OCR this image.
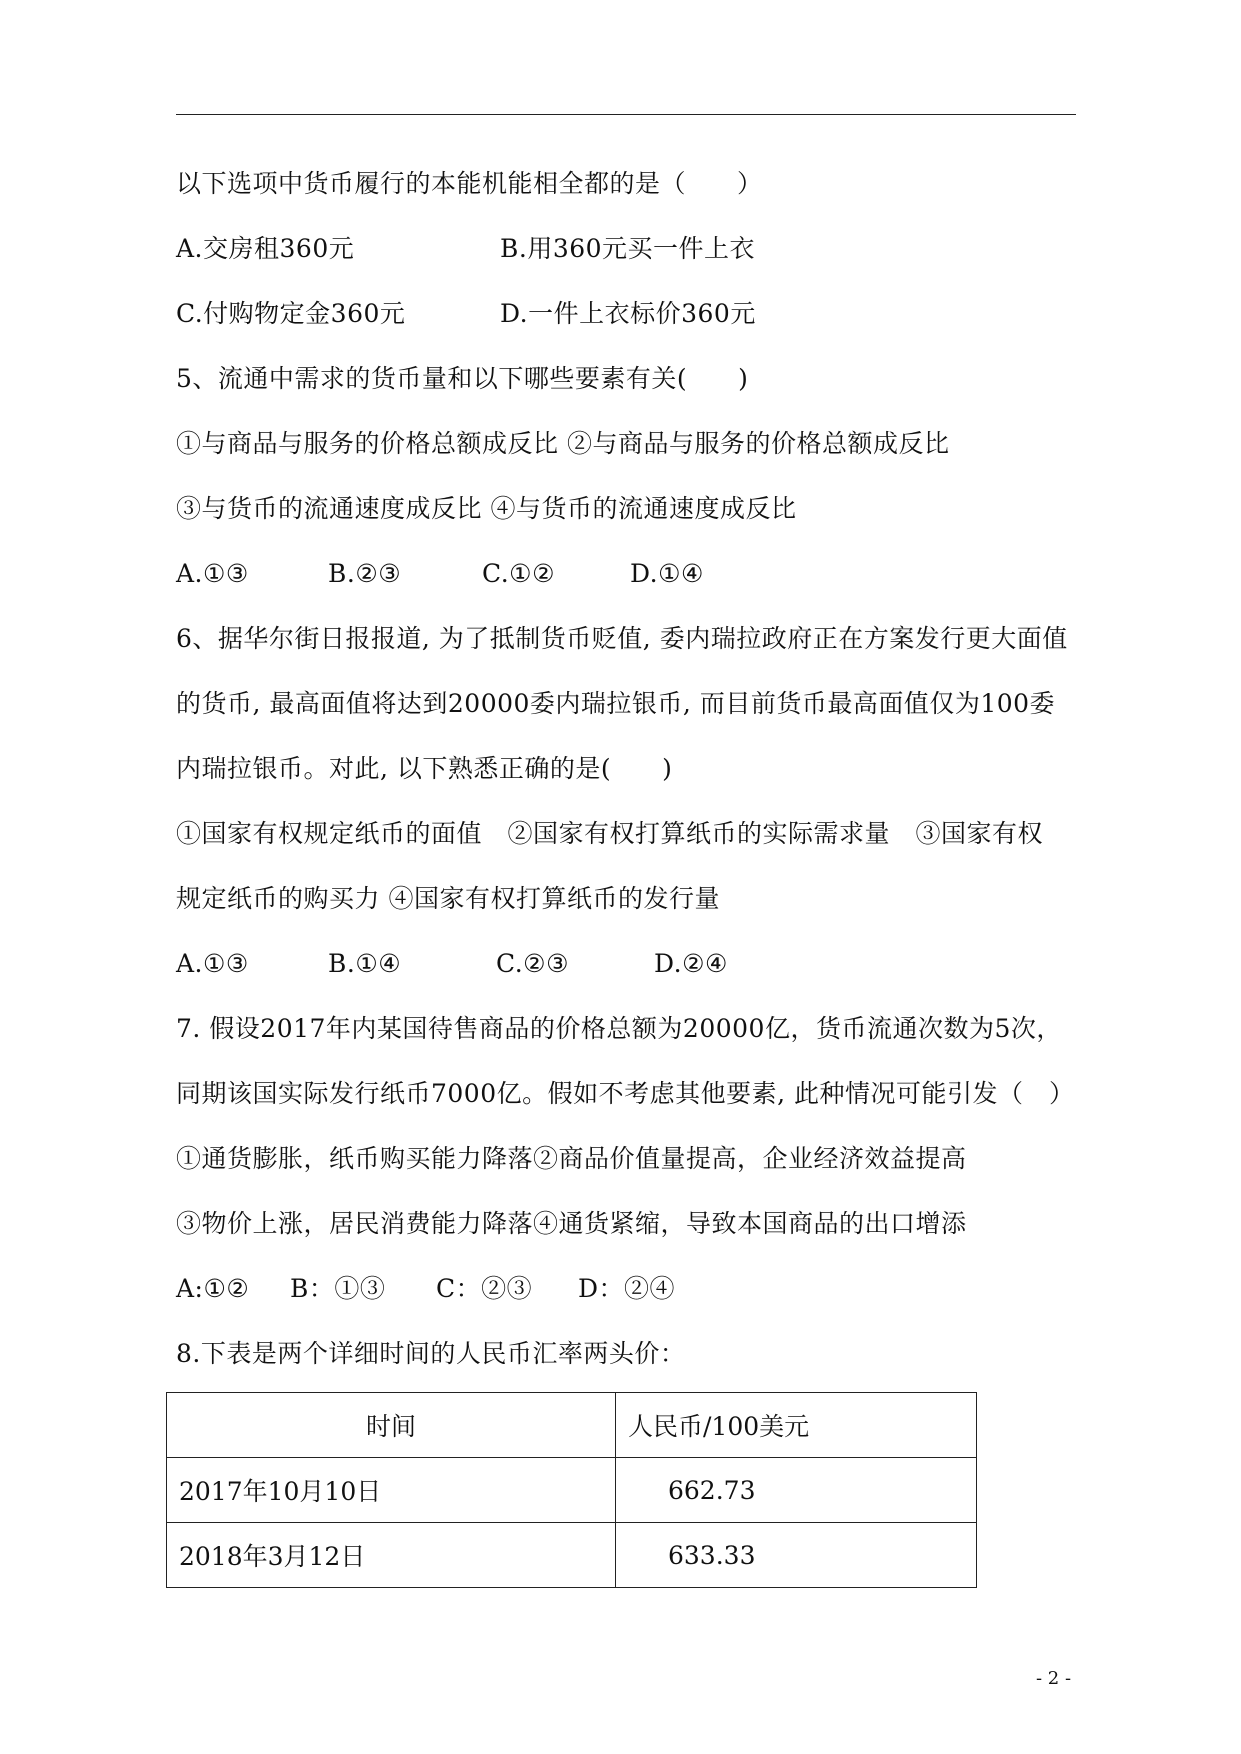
以下选项中货币履行的本能机能相全都的是（　　）
A.交房租360元	B.用360元买一件上衣
C.付购物定金360元	D.一件上衣标价360元
5、流通中需求的货币量和以下哪些要素有关(　　)
①与商品与服务的价格总额成反比 ②与商品与服务的价格总额成反比
③与货币的流通速度成反比 ④与货币的流通速度成反比
A.①③	B.②③	C.①②	D.①④
6、据华尔街日报报道, 为了抵制货币贬值, 委内瑞拉政府正在方案发行更大面值
的货币, 最高面值将达到20000委内瑞拉银币, 而目前货币最高面值仅为100委
内瑞拉银币。对此, 以下熟悉正确的是(　　)
①国家有权规定纸币的面值　②国家有权打算纸币的实际需求量　③国家有权
规定纸币的购买力 ④国家有权打算纸币的发行量
A.①③	B.①④	C.②③	D.②④
7. 假设2017年内某国待售商品的价格总额为20000亿，货币流通次数为5次，
同期该国实际发行纸币7000亿。假如不考虑其他要素, 此种情况可能引发（　）
①通货膨胀，纸币购买能力降落②商品价值量提高，企业经济效益提高
③物价上涨，居民消费能力降落④通货紧缩，导致本国商品的出口增添
A:①② B：①③ C：②③ D：②④
8.下表是两个详细时间的人民币汇率两头价：
时间	人民币/100美元
2017年10月10日	662.73
2018年3月12日	633.33
- 2 -
